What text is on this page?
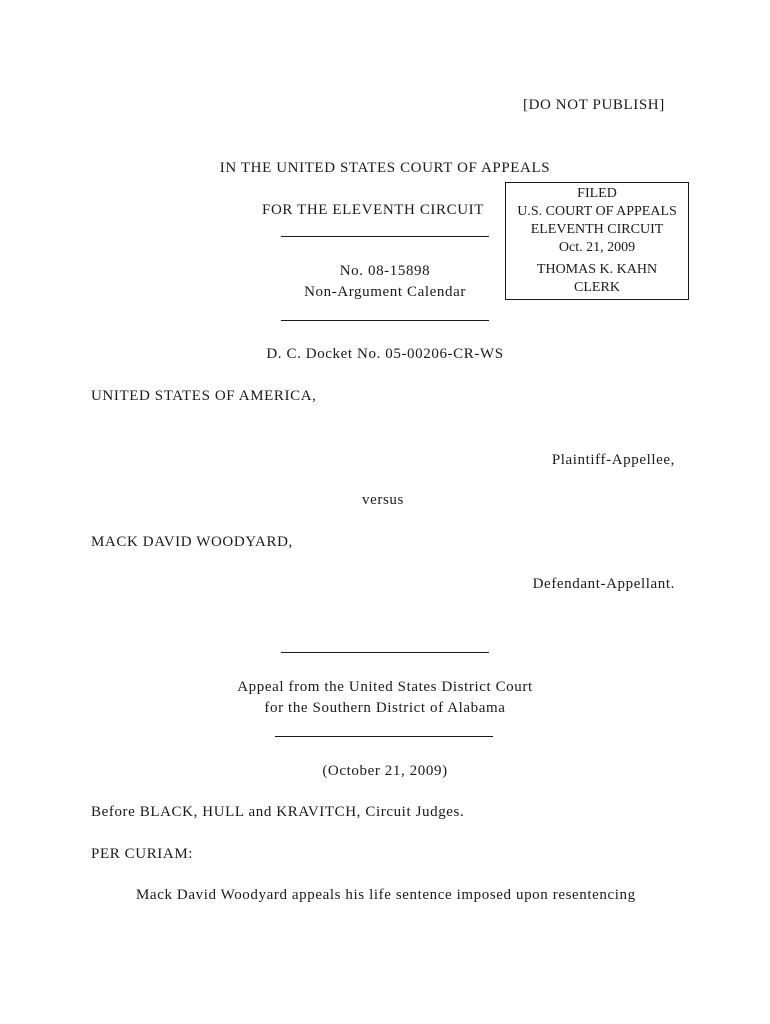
[DO NOT PUBLISH]
IN THE UNITED STATES COURT OF APPEALS
FOR THE ELEVENTH CIRCUIT
FILED
U.S. COURT OF APPEALS
ELEVENTH CIRCUIT
Oct. 21, 2009
THOMAS K. KAHN
CLERK
No. 08-15898
Non-Argument Calendar
D. C. Docket No. 05-00206-CR-WS
UNITED STATES OF AMERICA,
Plaintiff-Appellee,
versus
MACK DAVID WOODYARD,
Defendant-Appellant.
Appeal from the United States District Court
for the Southern District of Alabama
(October 21, 2009)
Before BLACK, HULL and KRAVITCH, Circuit Judges.
PER CURIAM:
Mack David Woodyard appeals his life sentence imposed upon resentencing
